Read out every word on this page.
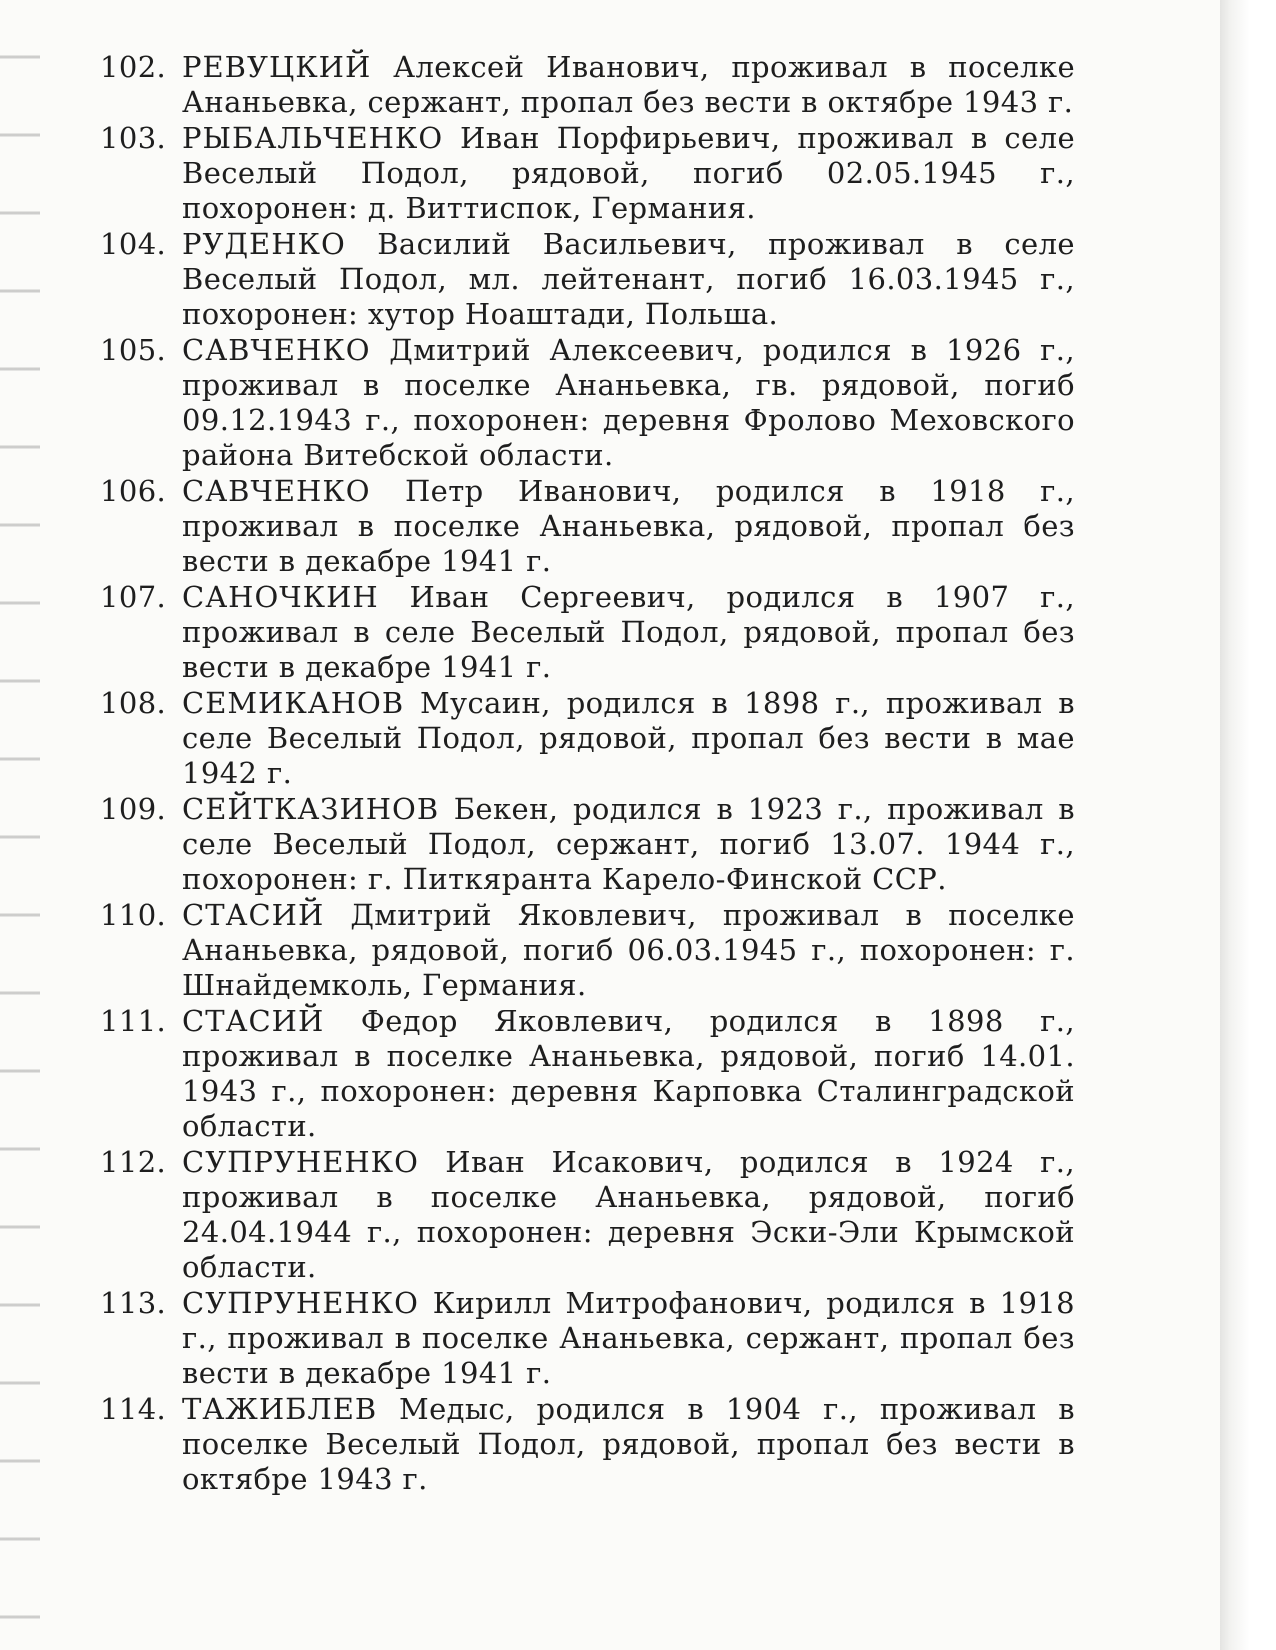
102. РЕВУЦКИЙ Алексей Иванович, проживал в поселке Ананьевка, сержант, пропал без вести в октябре 1943 г.
103. РЫБАЛЬЧЕНКО Иван Порфирьевич, проживал в селе Веселый Подол, рядовой, погиб 02.05.1945 г., похоронен: д. Виттиспок, Германия.
104. РУДЕНКО Василий Васильевич, проживал в селе Веселый Подол, мл. лейтенант, погиб 16.03.1945 г., похоронен: хутор Ноаштади, Польша.
105. САВЧЕНКО Дмитрий Алексеевич, родился в 1926 г., проживал в поселке Ананьевка, гв. рядовой, погиб 09.12.1943 г., похоронен: деревня Фролово Меховского района Витебской области.
106. САВЧЕНКО Петр Иванович, родился в 1918 г., проживал в поселке Ананьевка, рядовой, пропал без вести в декабре 1941 г.
107. САНОЧКИН Иван Сергеевич, родился в 1907 г., проживал в селе Веселый Подол, рядовой, пропал без вести в декабре 1941 г.
108. СЕМИКАНОВ Мусаин, родился в 1898 г., проживал в селе Веселый Подол, рядовой, пропал без вести в мае 1942 г.
109. СЕЙТКАЗИНОВ Бекен, родился в 1923 г., проживал в селе Веселый Подол, сержант, погиб 13.07. 1944 г., похоронен: г. Питкяранта Карело-Финской ССР.
110. СТАСИЙ Дмитрий Яковлевич, проживал в поселке Ананьевка, рядовой, погиб 06.03.1945 г., похоронен: г. Шнайдемколь, Германия.
111. СТАСИЙ Федор Яковлевич, родился в 1898 г., проживал в поселке Ананьевка, рядовой, погиб 14.01. 1943 г., похоронен: деревня Карповка Сталинградской области.
112. СУПРУНЕНКО Иван Исакович, родился в 1924 г., проживал в поселке Ананьевка, рядовой, погиб 24.04.1944 г., похоронен: деревня Эски-Эли Крымской области.
113. СУПРУНЕНКО Кирилл Митрофанович, родился в 1918 г., проживал в поселке Ананьевка, сержант, пропал без вести в декабре 1941 г.
114. ТАЖИБЛЕВ Медыс, родился в 1904 г., проживал в поселке Веселый Подол, рядовой, пропал без вести в октябре 1943 г.
